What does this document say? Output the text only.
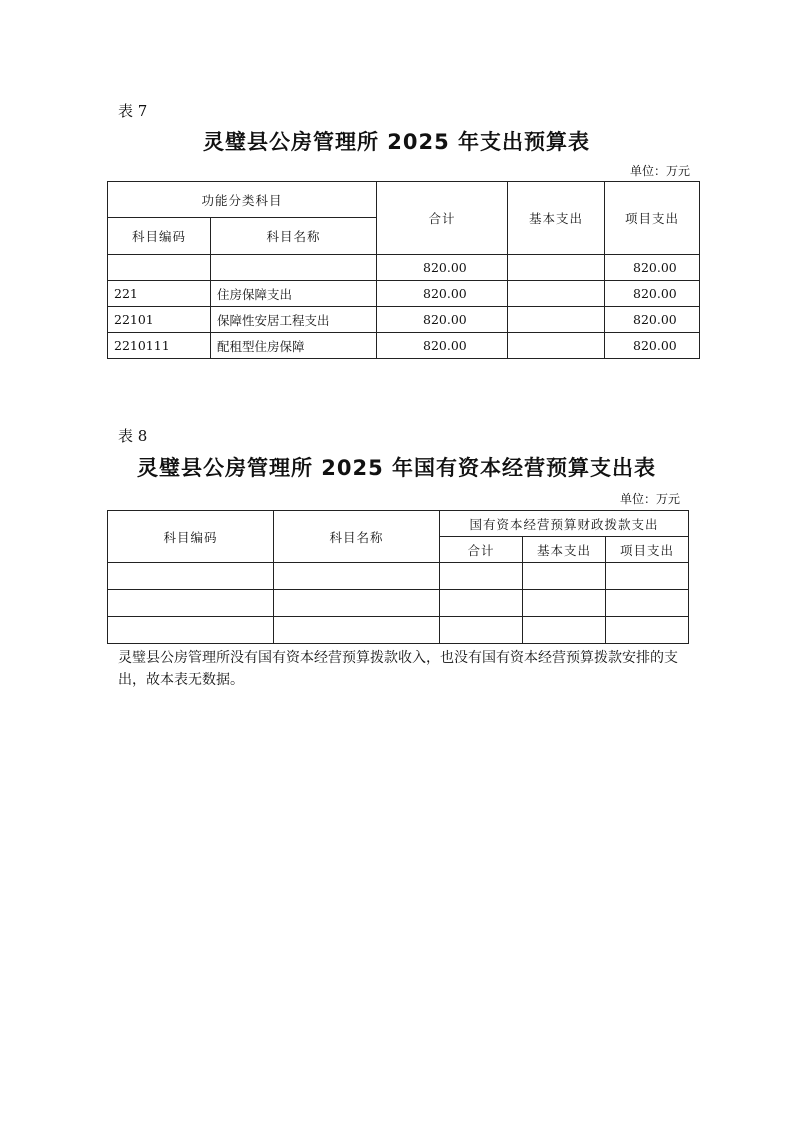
表 7
灵璧县公房管理所 2025 年支出预算表
单位：万元
功能分类科目		合计	基本支出	项目支出
科目编码	科目名称			
		820.00		820.00
221	住房保障支出	820.00		820.00
22101	保障性安居工程支出	820.00		820.00
2210111	配租型住房保障	820.00		820.00
表 8
灵璧县公房管理所 2025 年国有资本经营预算支出表
单位：万元
科目编码	科目名称	国有资本经营预算财政拨款支出		
		合计	基本支出	项目支出

灵璧县公房管理所没有国有资本经营预算拨款收入，也没有国有资本经营预算拨款安排的支出，故本表无数据。
